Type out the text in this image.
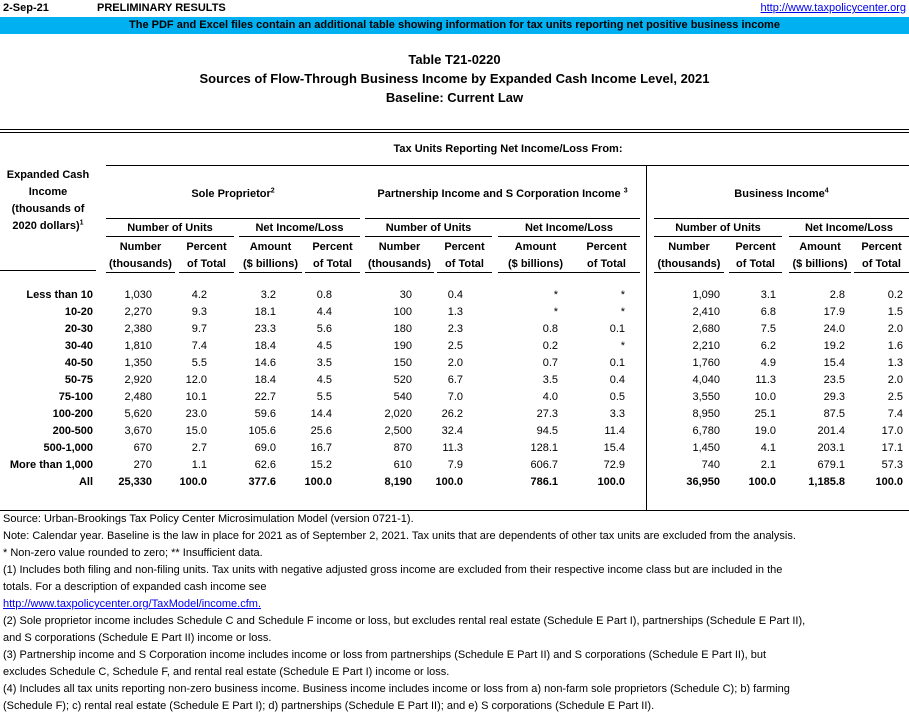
2-Sep-21	PRELIMINARY RESULTS	http://www.taxpolicycenter.org
The PDF and Excel files contain an additional table showing information for tax units reporting net positive business income
Table T21-0220
Sources of Flow-Through Business Income by Expanded Cash Income Level, 2021
Baseline: Current Law
Tax Units Reporting Net Income/Loss From:
Expanded Cash
Income
(thousands of
2020 dollars)$^1$
Sole Proprietor$^2$	Partnership Income and S Corporation Income $^3$	Business Income$^4$
Number of Units	Net Income/Loss	Number of Units	Net Income/Loss	Number of Units	Net Income/Loss
Number
(thousands)
Percent
of Total
Amount
($ billions)
Percent
of Total
Number
(thousands)
Percent
of Total
Amount
($ billions)
Percent
of Total
Number
(thousands)
Percent
of Total
Amount
($ billions)
Percent
of Total
Less than 10	1,030	4.2	3.2	0.8	30	0.4	*	*	1,090	3.1	2.8	0.2
10-20	2,270	9.3	18.1	4.4	100	1.3	*	*	2,410	6.8	17.9	1.5
20-30	2,380	9.7	23.3	5.6	180	2.3	0.8	0.1	2,680	7.5	24.0	2.0
30-40	1,810	7.4	18.4	4.5	190	2.5	0.2	*	2,210	6.2	19.2	1.6
40-50	1,350	5.5	14.6	3.5	150	2.0	0.7	0.1	1,760	4.9	15.4	1.3
50-75	2,920	12.0	18.4	4.5	520	6.7	3.5	0.4	4,040	11.3	23.5	2.0
75-100	2,480	10.1	22.7	5.5	540	7.0	4.0	0.5	3,550	10.0	29.3	2.5
100-200	5,620	23.0	59.6	14.4	2,020	26.2	27.3	3.3	8,950	25.1	87.5	7.4
200-500	3,670	15.0	105.6	25.6	2,500	32.4	94.5	11.4	6,780	19.0	201.4	17.0
500-1,000	670	2.7	69.0	16.7	870	11.3	128.1	15.4	1,450	4.1	203.1	17.1
More than 1,000	270	1.1	62.6	15.2	610	7.9	606.7	72.9	740	2.1	679.1	57.3
All 25,330 100.0	377.6	100.0	8,190 100.0	786.1	100.0	36,950	100.0	1,185.8	100.0
Source: Urban-Brookings Tax Policy Center Microsimulation Model (version 0721-1).
Note: Calendar year. Baseline is the law in place for 2021 as of September 2, 2021. Tax units that are dependents of other tax units are excluded from the analysis.
* Non-zero value rounded to zero; ** Insufficient data.
(1) Includes both filing and non-filing units. Tax units with negative adjusted gross income are excluded from their respective income class but are included in the
totals. For a description of expanded cash income see
http://www.taxpolicycenter.org/TaxModel/income.cfm.
(2) Sole proprietor income includes Schedule C and Schedule F income or loss, but excludes rental real estate (Schedule E Part I), partnerships (Schedule E Part II),
and S corporations (Schedule E Part II) income or loss.
(3) Partnership income and S Corporation income includes income or loss from partnerships (Schedule E Part II) and S corporations (Schedule E Part II), but
excludes Schedule C, Schedule F, and rental real estate (Schedule E Part I) income or loss.
(4) Includes all tax units reporting non-zero business income. Business income includes income or loss from a) non-farm sole proprietors (Schedule C); b) farming
(Schedule F); c) rental real estate (Schedule E Part I); d) partnerships (Schedule E Part II); and e) S corporations (Schedule E Part II).
